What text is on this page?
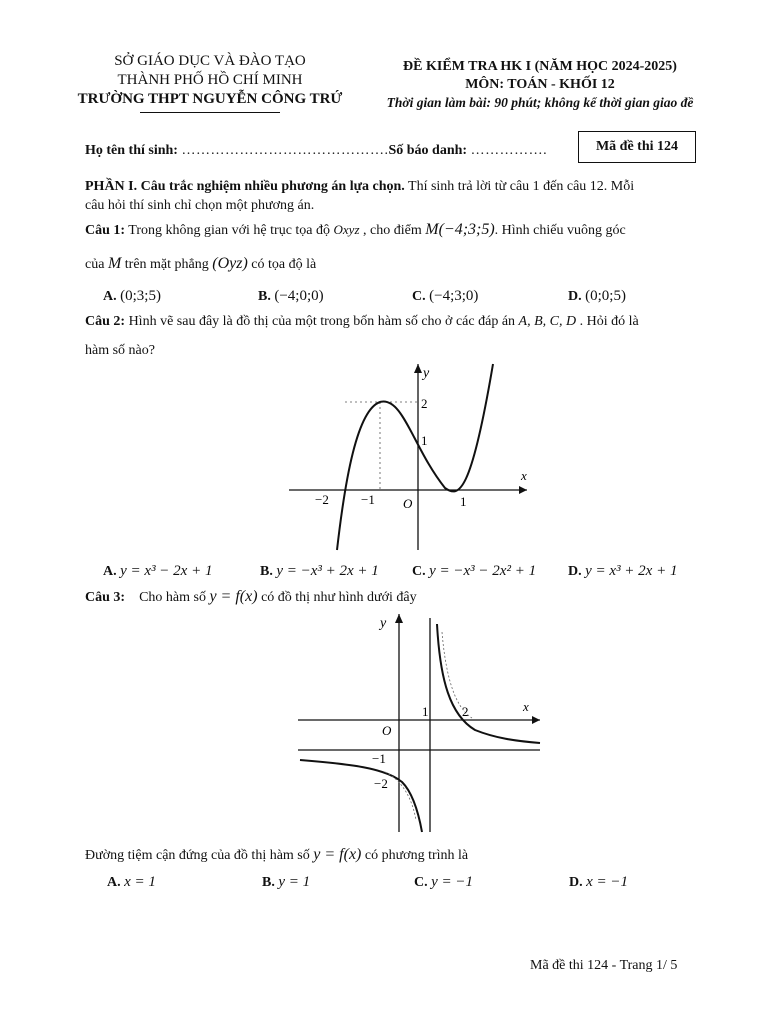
SỞ GIÁO DỤC VÀ ĐÀO TẠO
THÀNH PHỐ HỒ CHÍ MINH
TRƯỜNG THPT NGUYỄN CÔNG TRỨ
ĐỀ KIỂM TRA HK I (NĂM HỌC 2024-2025)
MÔN: TOÁN - KHỐI 12
Thời gian làm bài: 90 phút; không kể thời gian giao đề
Họ tên thí sinh: …………………………………….Số báo danh: …………….	Mã đề thi 124
PHẦN I. Câu trắc nghiệm nhiều phương án lựa chọn. Thí sinh trả lời từ câu 1 đến câu 12. Mỗi
câu hỏi thí sinh chỉ chọn một phương án.
Câu 1: Trong không gian với hệ trục tọa độ Oxyz , cho điểm M(−4;3;5). Hình chiếu vuông góc
của M trên mặt phẳng (Oyz) có tọa độ là
A. (0;3;5)	B. (−4;0;0)	C. (−4;3;0)	D. (0;0;5)
Câu 2: Hình vẽ sau đây là đồ thị của một trong bốn hàm số cho ở các đáp án A, B, C, D . Hỏi đó là
hàm số nào?
y
x
2
1
−2 −1 O	1
A. y = x³ − 2x + 1	B. y = −x³ + 2x + 1 C. y = −x³ − 2x² + 1 D. y = x³ + 2x + 1
Câu 3: Cho hàm số y = f(x) có đồ thị như hình dưới đây
y
x
O
1	2
−1
−2
Đường tiệm cận đứng của đồ thị hàm số y = f(x) có phương trình là
A. x = 1	B. y = 1	C. y = −1	D. x = −1
Mã đề thi 124 - Trang 1/ 5
